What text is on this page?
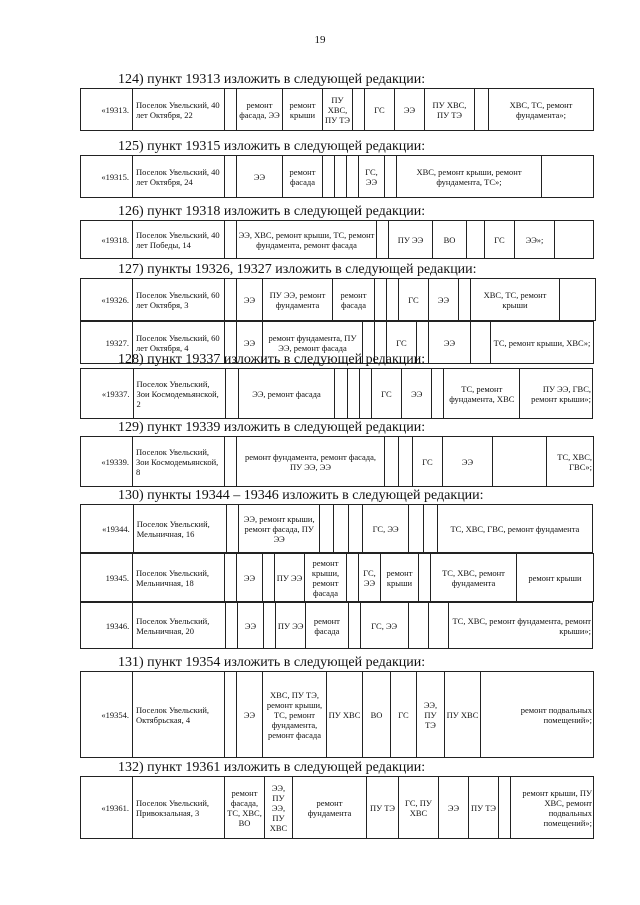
19
124) пункт 19313 изложить в следующей редакции:
«19313.	Поселок Увельский, 40 лет Октября, 22		ремонт фасада, ЭЭ	ремонт крыши	ПУ ХВС, ПУ ТЭ		ГС	ЭЭ	ПУ ХВС, ПУ ТЭ		ХВС, ТС, ремонт фундамента»;
125) пункт 19315 изложить в следующей редакции:
«19315.	Поселок Увельский, 40 лет Октября, 24		ЭЭ	ремонт фасада				ГС, ЭЭ		ХВС, ремонт крыши, ремонт фундамента, ТС»;	
126) пункт 19318 изложить в следующей редакции:
«19318.	Поселок Увельский, 40 лет Победы, 14		ЭЭ, ХВС, ремонт крыши, ТС, ремонт фундамента, ремонт фасада		ПУ ЭЭ	ВО		ГС	ЭЭ»;	
127) пункты 19326, 19327 изложить в следующей редакции:
«19326.	Поселок Увельский, 60 лет Октября, 3		ЭЭ	ПУ ЭЭ, ремонт фундамента	ремонт фасада			ГС	ЭЭ		ХВС, ТС, ремонт крыши	
19327.	Поселок Увельский, 60 лет Октября, 4		ЭЭ	ремонт фундамента, ПУ ЭЭ, ремонт фасада			ГС		ЭЭ		ТС, ремонт крыши, ХВС»;
128) пункт 19337 изложить в следующей редакции:
«19337.	Поселок Увельский, Зои Космодемьянской, 2		ЭЭ, ремонт фасада				ГС	ЭЭ		ТС, ремонт фундамента, ХВС	ПУ ЭЭ, ГВС, ремонт крыши»;
129) пункт 19339 изложить в следующей редакции:
«19339.	Поселок Увельский, Зои Космодемьянской, 8		ремонт фундамента, ремонт фасада, ПУ ЭЭ, ЭЭ			ГС	ЭЭ		ТС, ХВС, ГВС»;
130) пункты 19344 – 19346 изложить в следующей редакции:
«19344.	Поселок Увельский, Мельничная, 16		ЭЭ, ремонт крыши, ремонт фасада, ПУ ЭЭ				ГС, ЭЭ			ТС, ХВС, ГВС, ремонт фундамента
19345.	Поселок Увельский, Мельничная, 18		ЭЭ		ПУ ЭЭ	ремонт крыши, ремонт фасада		ГС, ЭЭ	ремонт крыши		ТС, ХВС, ремонт фундамента	ремонт крыши
19346.	Поселок Увельский, Мельничная, 20		ЭЭ		ПУ ЭЭ	ремонт фасада		ГС, ЭЭ			ТС, ХВС, ремонт фундамента, ремонт крыши»;
131) пункт 19354 изложить в следующей редакции:
«19354.	Поселок Увельский, Октябрьская, 4		ЭЭ	ХВС, ПУ ТЭ, ремонт крыши, ТС, ремонт фундамента, ремонт фасада	ПУ ХВС	ВО	ГС	ЭЭ, ПУ ТЭ	ПУ ХВС	ремонт подвальных помещений»;
132) пункт 19361 изложить в следующей редакции:
«19361.	Поселок Увельский, Привокзальная, 3	ремонт фасада, ТС, ХВС, ВО	ЭЭ, ПУ ЭЭ, ПУ ХВС	ремонт фундамента	ПУ ТЭ	ГС, ПУ ХВС	ЭЭ	ПУ ТЭ		ремонт крыши, ПУ ХВС, ремонт подвальных помещений»;
